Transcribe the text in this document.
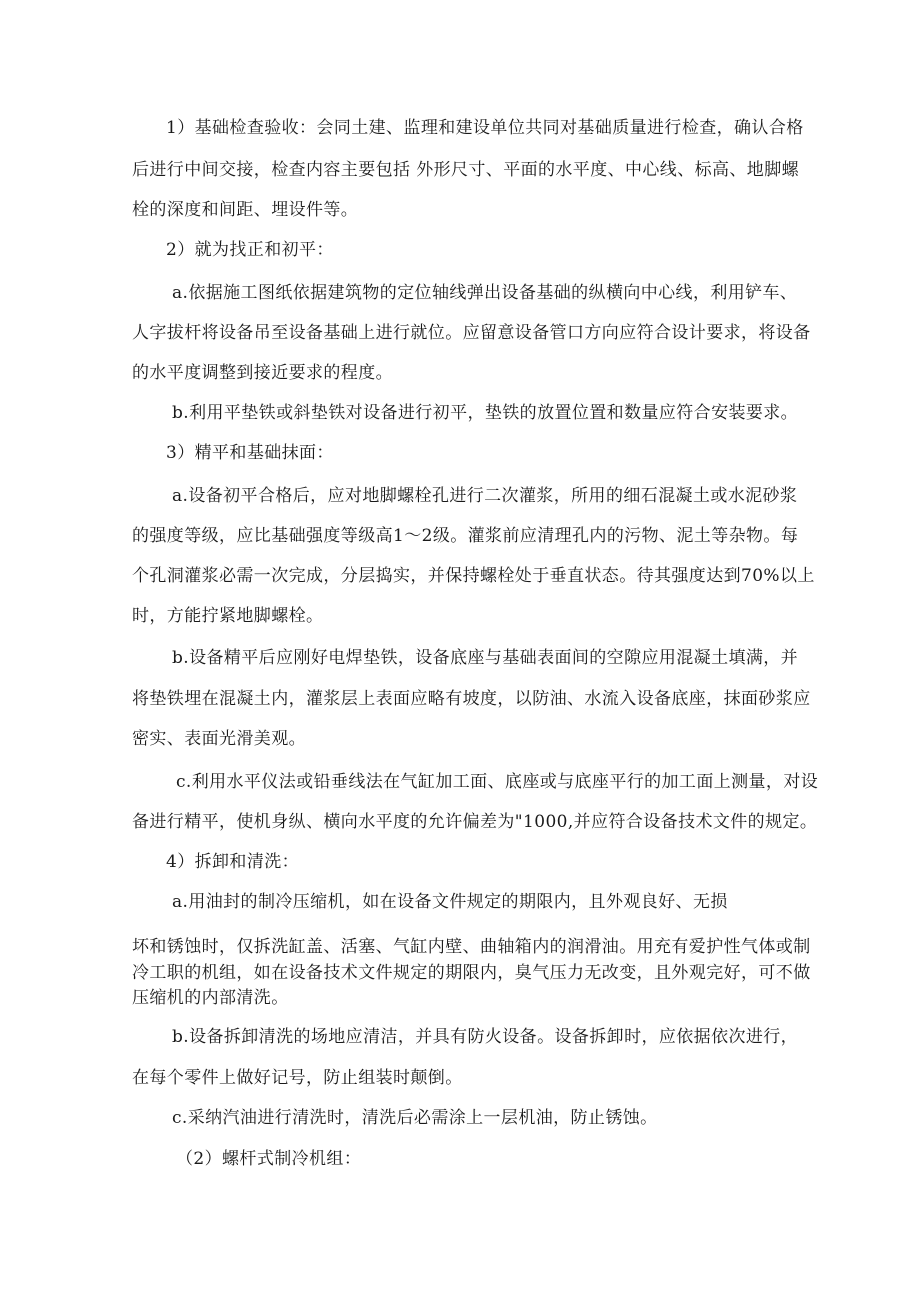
1）基础检查验收：会同土建、监理和建设单位共同对基础质量进行检查，确认合格
后进行中间交接，检查内容主要包括 外形尺寸、平面的水平度、中心线、标高、地脚螺
栓的深度和间距、埋设件等。
2）就为找正和初平：
a.依据施工图纸依据建筑物的定位轴线弹出设备基础的纵横向中心线，利用铲车、
人字拔杆将设备吊至设备基础上进行就位。应留意设备管口方向应符合设计要求，将设备
的水平度调整到接近要求的程度。
b.利用平垫铁或斜垫铁对设备进行初平，垫铁的放置位置和数量应符合安装要求。
3）精平和基础抹面：
a.设备初平合格后，应对地脚螺栓孔进行二次灌浆，所用的细石混凝土或水泥砂浆
的强度等级，应比基础强度等级高1～2级。灌浆前应清理孔内的污物、泥土等杂物。每
个孔洞灌浆必需一次完成，分层捣实，并保持螺栓处于垂直状态。待其强度达到70%以上
时，方能拧紧地脚螺栓。
b.设备精平后应刚好电焊垫铁，设备底座与基础表面间的空隙应用混凝土填满，并
将垫铁埋在混凝土内，灌浆层上表面应略有坡度，以防油、水流入设备底座，抹面砂浆应
密实、表面光滑美观。
c.利用水平仪法或铅垂线法在气缸加工面、底座或与底座平行的加工面上测量，对设
备进行精平，使机身纵、横向水平度的允许偏差为"1000,并应符合设备技术文件的规定。
4）拆卸和清洗：
a.用油封的制冷压缩机，如在设备文件规定的期限内，且外观良好、无损
坏和锈蚀时，仅拆洗缸盖、活塞、气缸内壁、曲轴箱内的润滑油。用充有爱护性气体或制
冷工职的机组，如在设备技术文件规定的期限内，臭气压力无改变，且外观完好，可不做
压缩机的内部清洗。
b.设备拆卸清洗的场地应清洁，并具有防火设备。设备拆卸时，应依据依次进行，
在每个零件上做好记号，防止组装时颠倒。
c.采纳汽油进行清洗时，清洗后必需涂上一层机油，防止锈蚀。
（2）螺杆式制冷机组：
